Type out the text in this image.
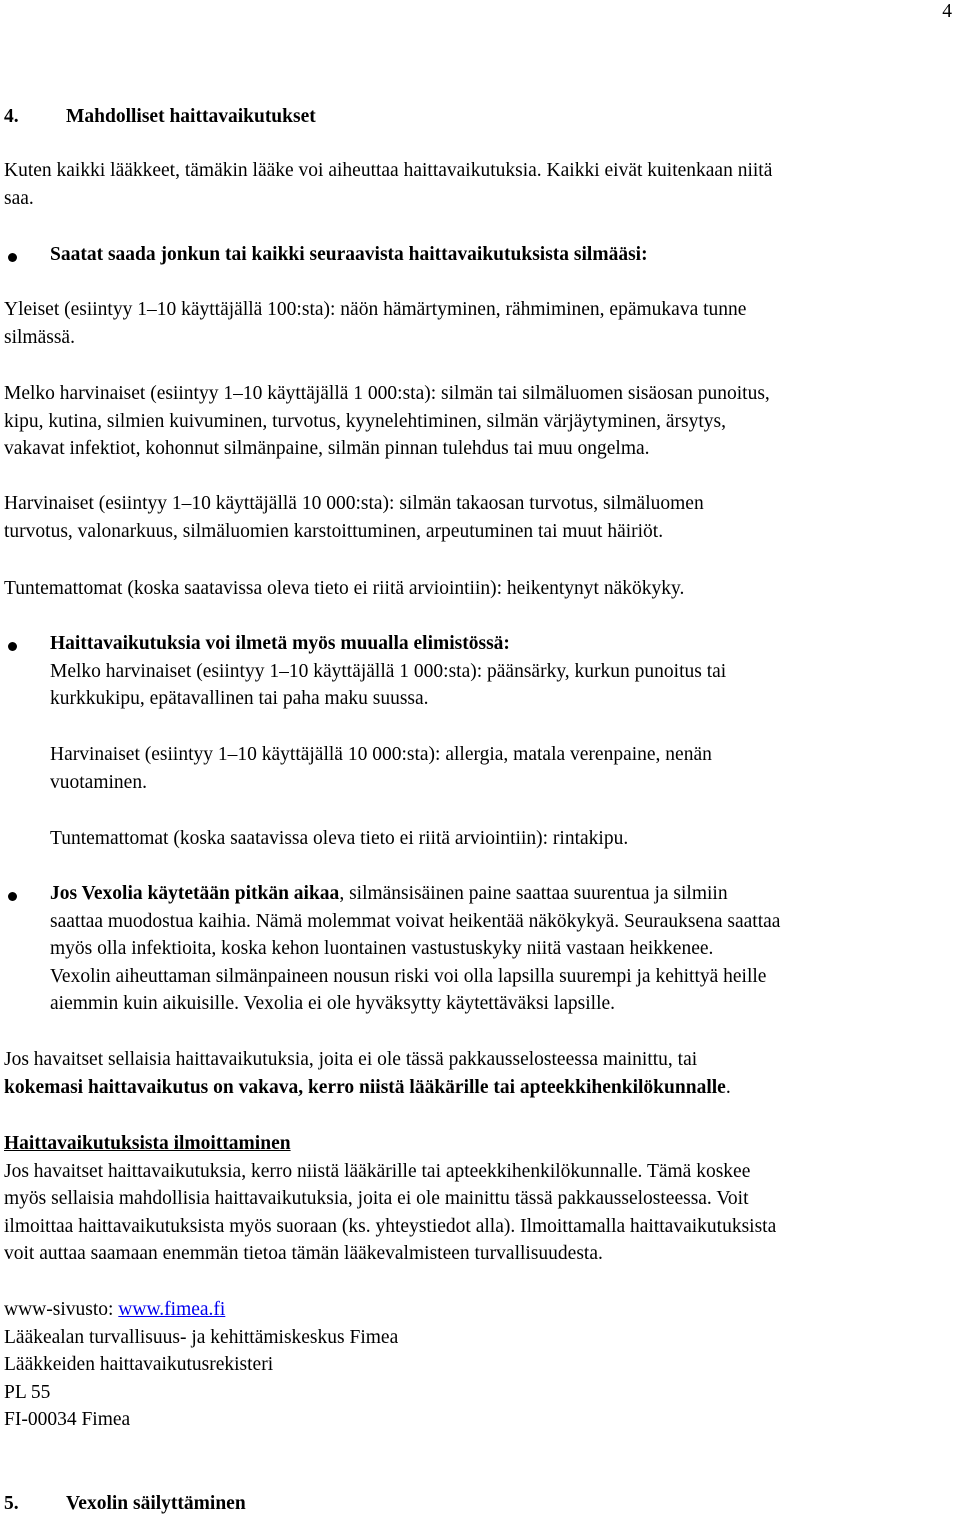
4
4. Mahdolliset haittavaikutukset
Kuten kaikki lääkkeet, tämäkin lääke voi aiheuttaa haittavaikutuksia. Kaikki eivät kuitenkaan niitä
saa.
Saatat saada jonkun tai kaikki seuraavista haittavaikutuksista silmääsi:
Yleiset (esiintyy 1–10 käyttäjällä 100:sta): näön hämärtyminen, rähmiminen, epämukava tunne
silmässä.
Melko harvinaiset (esiintyy 1–10 käyttäjällä 1 000:sta): silmän tai silmäluomen sisäosan punoitus,
kipu, kutina, silmien kuivuminen, turvotus, kyynelehtiminen, silmän värjäytyminen, ärsytys,
vakavat infektiot, kohonnut silmänpaine, silmän pinnan tulehdus tai muu ongelma.
Harvinaiset (esiintyy 1–10 käyttäjällä 10 000:sta): silmän takaosan turvotus, silmäluomen
turvotus, valonarkuus, silmäluomien karstoittuminen, arpeutuminen tai muut häiriöt.
Tuntemattomat (koska saatavissa oleva tieto ei riitä arviointiin): heikentynyt näkökyky.
Haittavaikutuksia voi ilmetä myös muualla elimistössä:
Melko harvinaiset (esiintyy 1–10 käyttäjällä 1 000:sta): päänsärky, kurkun punoitus tai
kurkkukipu, epätavallinen tai paha maku suussa.
Harvinaiset (esiintyy 1–10 käyttäjällä 10 000:sta): allergia, matala verenpaine, nenän
vuotaminen.
Tuntemattomat (koska saatavissa oleva tieto ei riitä arviointiin): rintakipu.
Jos Vexolia käytetään pitkän aikaa, silmänsisäinen paine saattaa suurentua ja silmiin
saattaa muodostua kaihia. Nämä molemmat voivat heikentää näkökykyä. Seurauksena saattaa
myös olla infektioita, koska kehon luontainen vastustuskyky niitä vastaan heikkenee.
Vexolin aiheuttaman silmänpaineen nousun riski voi olla lapsilla suurempi ja kehittyä heille
aiemmin kuin aikuisille. Vexolia ei ole hyväksytty käytettäväksi lapsille.
Jos havaitset sellaisia haittavaikutuksia, joita ei ole tässä pakkausselosteessa mainittu, tai
kokemasi haittavaikutus on vakava, kerro niistä lääkärille tai apteekkihenkilökunnalle.
Haittavaikutuksista ilmoittaminen
Jos havaitset haittavaikutuksia, kerro niistä lääkärille tai apteekkihenkilökunnalle. Tämä koskee
myös sellaisia mahdollisia haittavaikutuksia, joita ei ole mainittu tässä pakkausselosteessa. Voit
ilmoittaa haittavaikutuksista myös suoraan (ks. yhteystiedot alla). Ilmoittamalla haittavaikutuksista
voit auttaa saamaan enemmän tietoa tämän lääkevalmisteen turvallisuudesta.
www-sivusto: www.fimea.fi
Lääkealan turvallisuus- ja kehittämiskeskus Fimea
Lääkkeiden haittavaikutusrekisteri
PL 55
FI-00034 Fimea
5. Vexolin säilyttäminen
